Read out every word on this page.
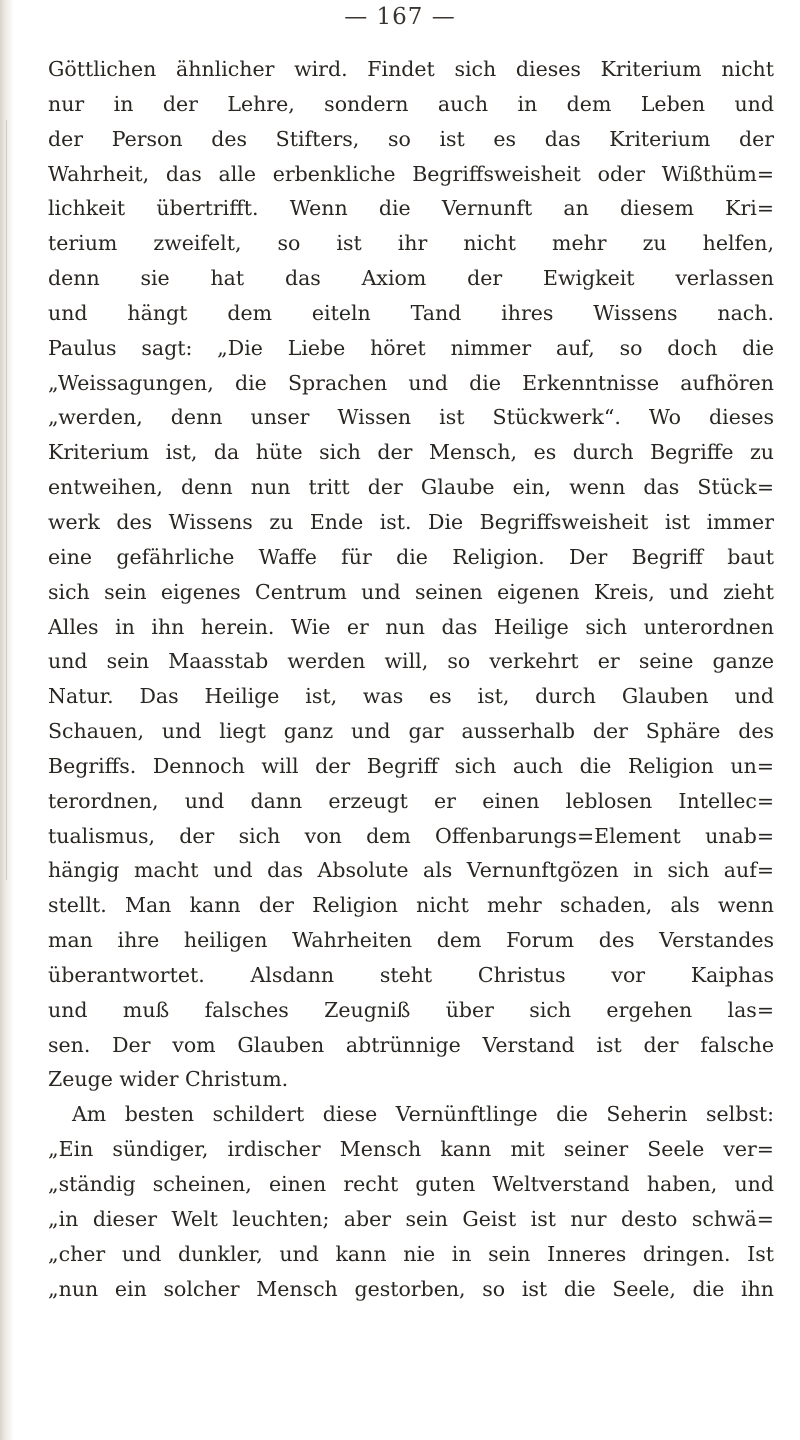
— 167 —
Göttlichen ähnlicher wird. Findet sich dieses Kriterium nicht
nur in der Lehre, sondern auch in dem Leben und
der Person des Stifters, so ist es das Kriterium der
Wahrheit, das alle erbenkliche Begriffsweisheit oder Wißthüm=
lichkeit übertrifft. Wenn die Vernunft an diesem Kri=
terium zweifelt, so ist ihr nicht mehr zu helfen,
denn sie hat das Axiom der Ewigkeit verlassen
und hängt dem eiteln Tand ihres Wissens nach.
Paulus sagt: „Die Liebe höret nimmer auf, so doch die
„Weissagungen, die Sprachen und die Erkenntnisse aufhören
„werden, denn unser Wissen ist Stückwerk“. Wo dieses
Kriterium ist, da hüte sich der Mensch, es durch Begriffe zu
entweihen, denn nun tritt der Glaube ein, wenn das Stück=
werk des Wissens zu Ende ist. Die Begriffsweisheit ist immer
eine gefährliche Waffe für die Religion. Der Begriff baut
sich sein eigenes Centrum und seinen eigenen Kreis, und zieht
Alles in ihn herein. Wie er nun das Heilige sich unterordnen
und sein Maasstab werden will, so verkehrt er seine ganze
Natur. Das Heilige ist, was es ist, durch Glauben und
Schauen, und liegt ganz und gar ausserhalb der Sphäre des
Begriffs. Dennoch will der Begriff sich auch die Religion un=
terordnen, und dann erzeugt er einen leblosen Intellec=
tualismus, der sich von dem Offenbarungs=Element unab=
hängig macht und das Absolute als Vernunftgözen in sich auf=
stellt. Man kann der Religion nicht mehr schaden, als wenn
man ihre heiligen Wahrheiten dem Forum des Verstandes
überantwortet. Alsdann steht Christus vor Kaiphas
und muß falsches Zeugniß über sich ergehen las=
sen. Der vom Glauben abtrünnige Verstand ist der falsche
Zeuge wider Christum.
Am besten schildert diese Vernünftlinge die Seherin selbst:
„Ein sündiger, irdischer Mensch kann mit seiner Seele ver=
„ständig scheinen, einen recht guten Weltverstand haben, und
„in dieser Welt leuchten; aber sein Geist ist nur desto schwä=
„cher und dunkler, und kann nie in sein Inneres dringen. Ist
„nun ein solcher Mensch gestorben, so ist die Seele, die ihn
